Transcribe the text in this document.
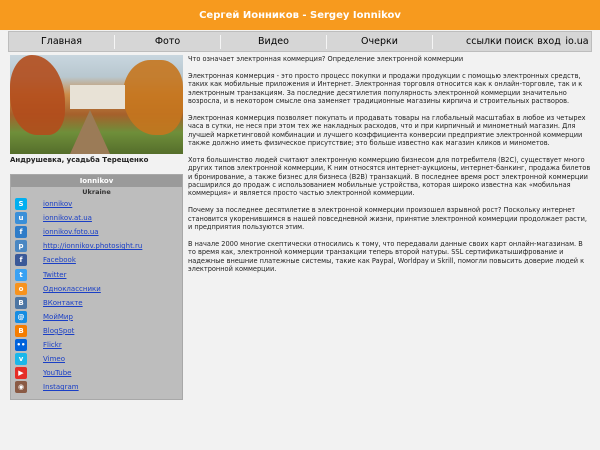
Сергей Ионников - Sergey Ionnikov
Главная	Фото	Видео	Очерки	ссылки поиск вход io.ua
Андрушевка, усадьба Терещенко
Ionnikov
Ukraine
S	ionnikov
u	ionnikov.at.ua
f	ionnikov.foto.ua
p	http://ionnikov.photosight.ru
f	Facebook
t	Twitter
o	Одноклассники
В	ВКонтакте
@	МойМир
B	BlogSpot
••	Flickr
v	Vimeo
▶	YouTube
◉	Instagram

Что означает электронная коммерция? Определение электронной коммерции

Электронная коммерция - это просто процесс покупки и продажи продукции с помощью электронных средств, таких как мобильные приложения и Интернет. Электронная торговля относится как к онлайн-торговле, так и к электронным транзакциям. За последние десятилетия популярность электронной коммерции значительно возросла, и в некотором смысле она заменяет традиционные магазины кирпича и строительных растворов.

Электронная коммерция позволяет покупать и продавать товары на глобальный масштабах в любое из четырех часа в сутки, не неся при этом тех же накладных расходов, что и при кирпичный и минометный магазин. Для лучшей маркетинговой комбинации и лучшего коэффициента конверсии предприятие электронной коммерции также должно иметь физическое присутствие; это больше известно как магазин кликов и минометов.

Хотя большинство людей считают электронную коммерцию бизнесом для потребителя (B2C), существует много других типов электронной коммерции, К ним относятся интернет-аукционы, интернет-банкинг, продажа билетов и бронирование, а также бизнес для бизнеса (B2B) транзакций. В последнее время рост электронной коммерции расширился до продаж с использованием мобильные устройства, которая широко известна как «мобильная коммерция» и является просто частью электронной коммерции.

Почему за последнее десятилетие в электронной коммерции произошел взрывной рост? Поскольку интернет становится укоренившимся в нашей повседневной жизни, принятие электронной коммерции продолжает расти, и предприятия пользуются этим.

В начале 2000 многие скептически относились к тому, что передавали данные своих карт онлайн-магазинам. В то время как, электронной коммерции транзакции теперь второй натуры. SSL сертификатышифрование и надежные внешние платежные системы, такие как Paypal, Worldpay и Skrill, помогли повысить доверие людей к электронной коммерции.
